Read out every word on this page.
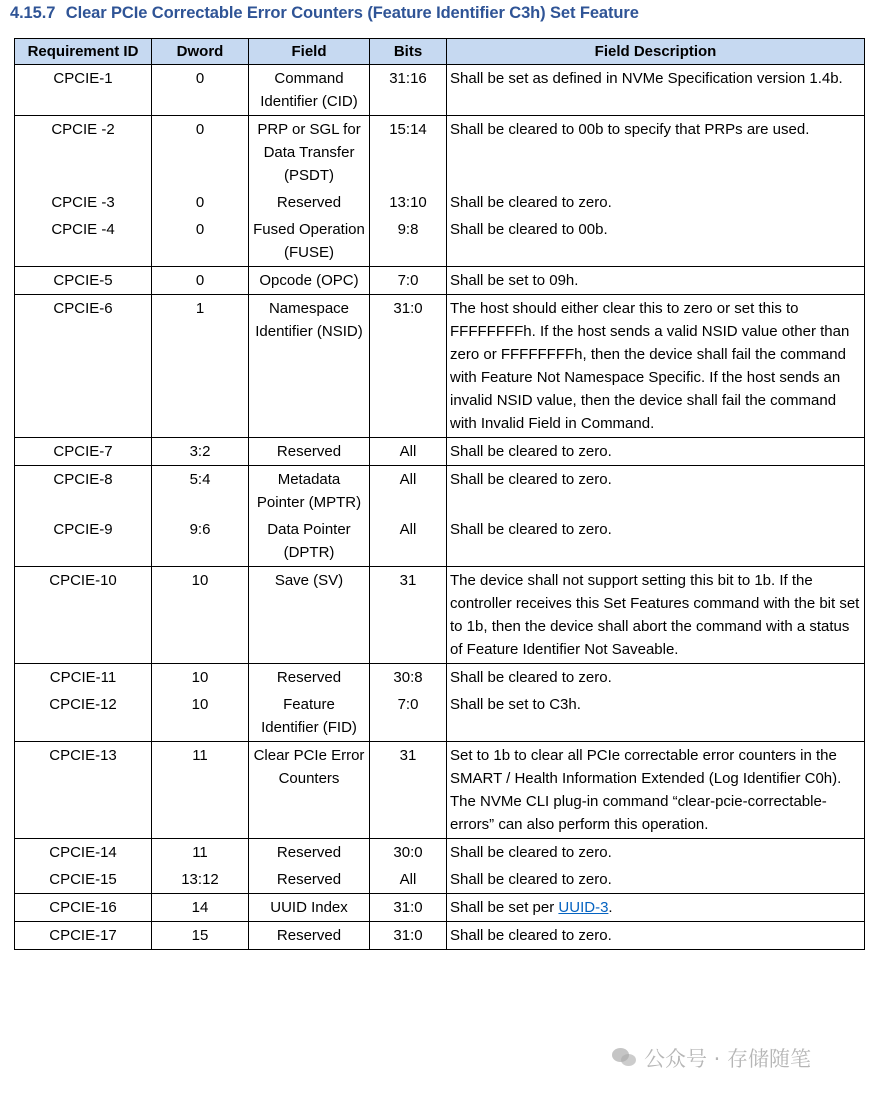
4.15.7 Clear PCIe Correctable Error Counters (Feature Identifier C3h) Set Feature
Requirement ID	Dword	Field	Bits	Field Description
CPCIE-1	0	Command Identifier (CID)	31:16	Shall be set as defined in NVMe Specification version 1.4b.
CPCIE -2	0	PRP or SGL for Data Transfer (PSDT)	15:14	Shall be cleared to 00b to specify that PRPs are used.
CPCIE -3	0	Reserved	13:10	Shall be cleared to zero.
CPCIE -4	0	Fused Operation (FUSE)	9:8	Shall be cleared to 00b.
CPCIE-5	0	Opcode (OPC)	7:0	Shall be set to 09h.
CPCIE-6	1	Namespace Identifier (NSID)	31:0	The host should either clear this to zero or set this to FFFFFFFFh. If the host sends a valid NSID value other than zero or FFFFFFFFh, then the device shall fail the command with Feature Not Namespace Specific. If the host sends an invalid NSID value, then the device shall fail the command with Invalid Field in Command.
CPCIE-7	3:2	Reserved	All	Shall be cleared to zero.
CPCIE-8	5:4	Metadata Pointer (MPTR)	All	Shall be cleared to zero.
CPCIE-9	9:6	Data Pointer (DPTR)	All	Shall be cleared to zero.
CPCIE-10	10	Save (SV)	31	The device shall not support setting this bit to 1b. If the controller receives this Set Features command with the bit set to 1b, then the device shall abort the command with a status of Feature Identifier Not Saveable.
CPCIE-11	10	Reserved	30:8	Shall be cleared to zero.
CPCIE-12	10	Feature Identifier (FID)	7:0	Shall be set to C3h.
CPCIE-13	11	Clear PCIe Error Counters	31	Set to 1b to clear all PCIe correctable error counters in the SMART / Health Information Extended (Log Identifier C0h).
The NVMe CLI plug-in command “clear-pcie-correctable-errors” can also perform this operation.

CPCIE-14	11	Reserved	30:0	Shall be cleared to zero.
CPCIE-15	13:12	Reserved	All	Shall be cleared to zero.
CPCIE-16	14	UUID Index	31:0	Shall be set per UUID-3.
CPCIE-17	15	Reserved	31:0	Shall be cleared to zero.
公众号 · 存储随笔
